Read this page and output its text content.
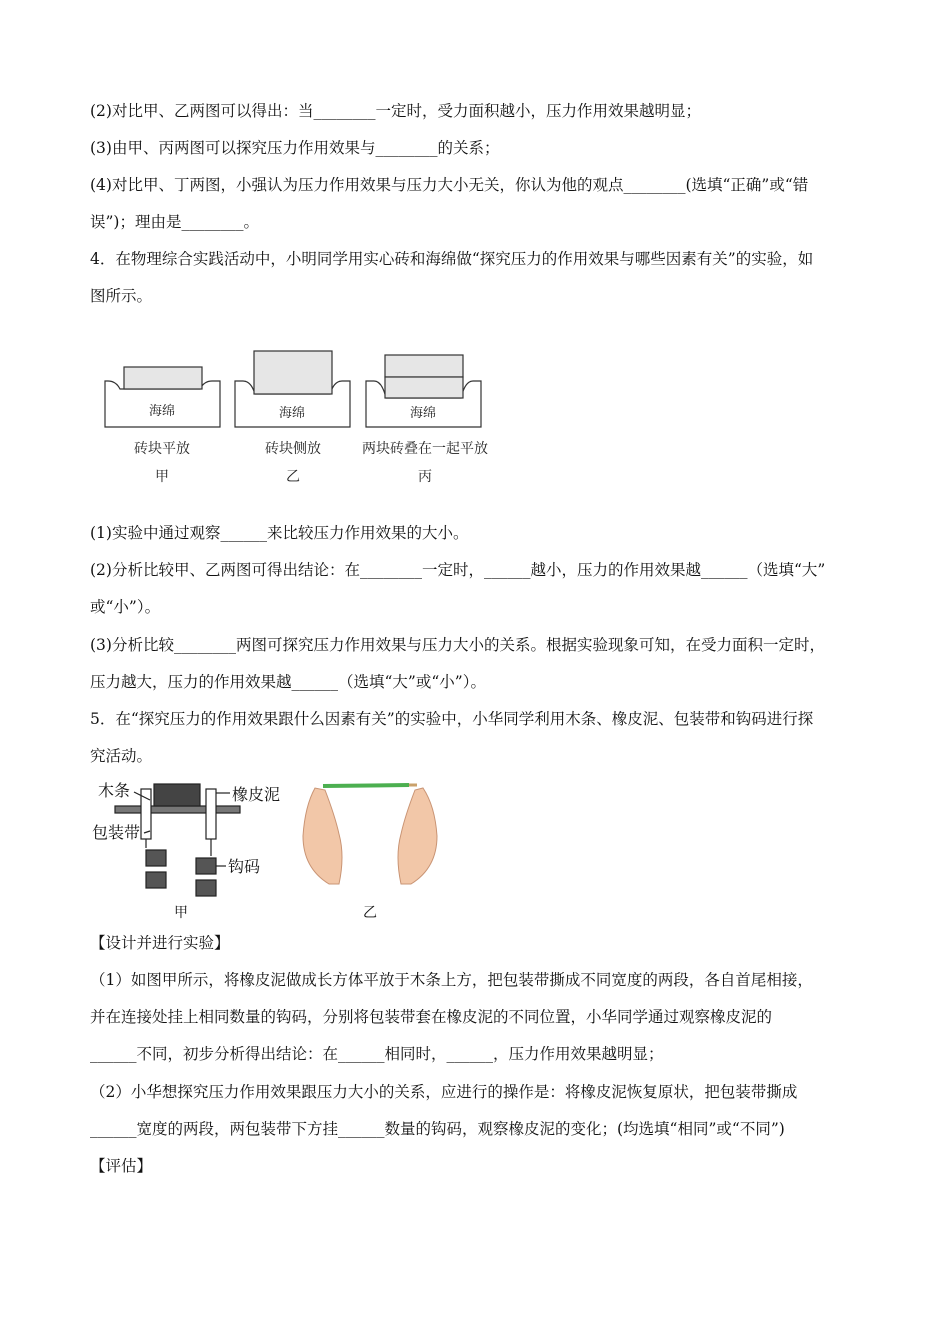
(2)对比甲、乙两图可以得出：当________一定时，受力面积越小，压力作用效果越明显；
(3)由甲、丙两图可以探究压力作用效果与________的关系；
(4)对比甲、丁两图，小强认为压力作用效果与压力大小无关，你认为他的观点________(选填“正确”或“错
误”)；理由是________。
4．在物理综合实践活动中，小明同学用实心砖和海绵做“探究压力的作用效果与哪些因素有关”的实验，如
图所示。
海绵	海绵	海绵
砖块平放	砖块侧放	两块砖叠在一起平放
甲	乙	丙
(1)实验中通过观察______来比较压力作用效果的大小。
(2)分析比较甲、乙两图可得出结论：在________一定时，______越小，压力的作用效果越______（选填“大”
或“小”）。
(3)分析比较________两图可探究压力作用效果与压力大小的关系。根据实验现象可知，在受力面积一定时，
压力越大，压力的作用效果越______（选填“大”或“小”）。
5．在“探究压力的作用效果跟什么因素有关”的实验中，小华同学利用木条、橡皮泥、包装带和钩码进行探
究活动。
木条	橡皮泥
包装带
钩码
甲	乙
【设计并进行实验】
（1）如图甲所示，将橡皮泥做成长方体平放于木条上方，把包装带撕成不同宽度的两段，各自首尾相接，
并在连接处挂上相同数量的钩码，分别将包装带套在橡皮泥的不同位置，小华同学通过观察橡皮泥的
______不同，初步分析得出结论：在______相同时，______，压力作用效果越明显；
（2）小华想探究压力作用效果跟压力大小的关系，应进行的操作是：将橡皮泥恢复原状，把包装带撕成
______宽度的两段，两包装带下方挂______数量的钩码，观察橡皮泥的变化；(均选填“相同”或“不同”)
【评估】
